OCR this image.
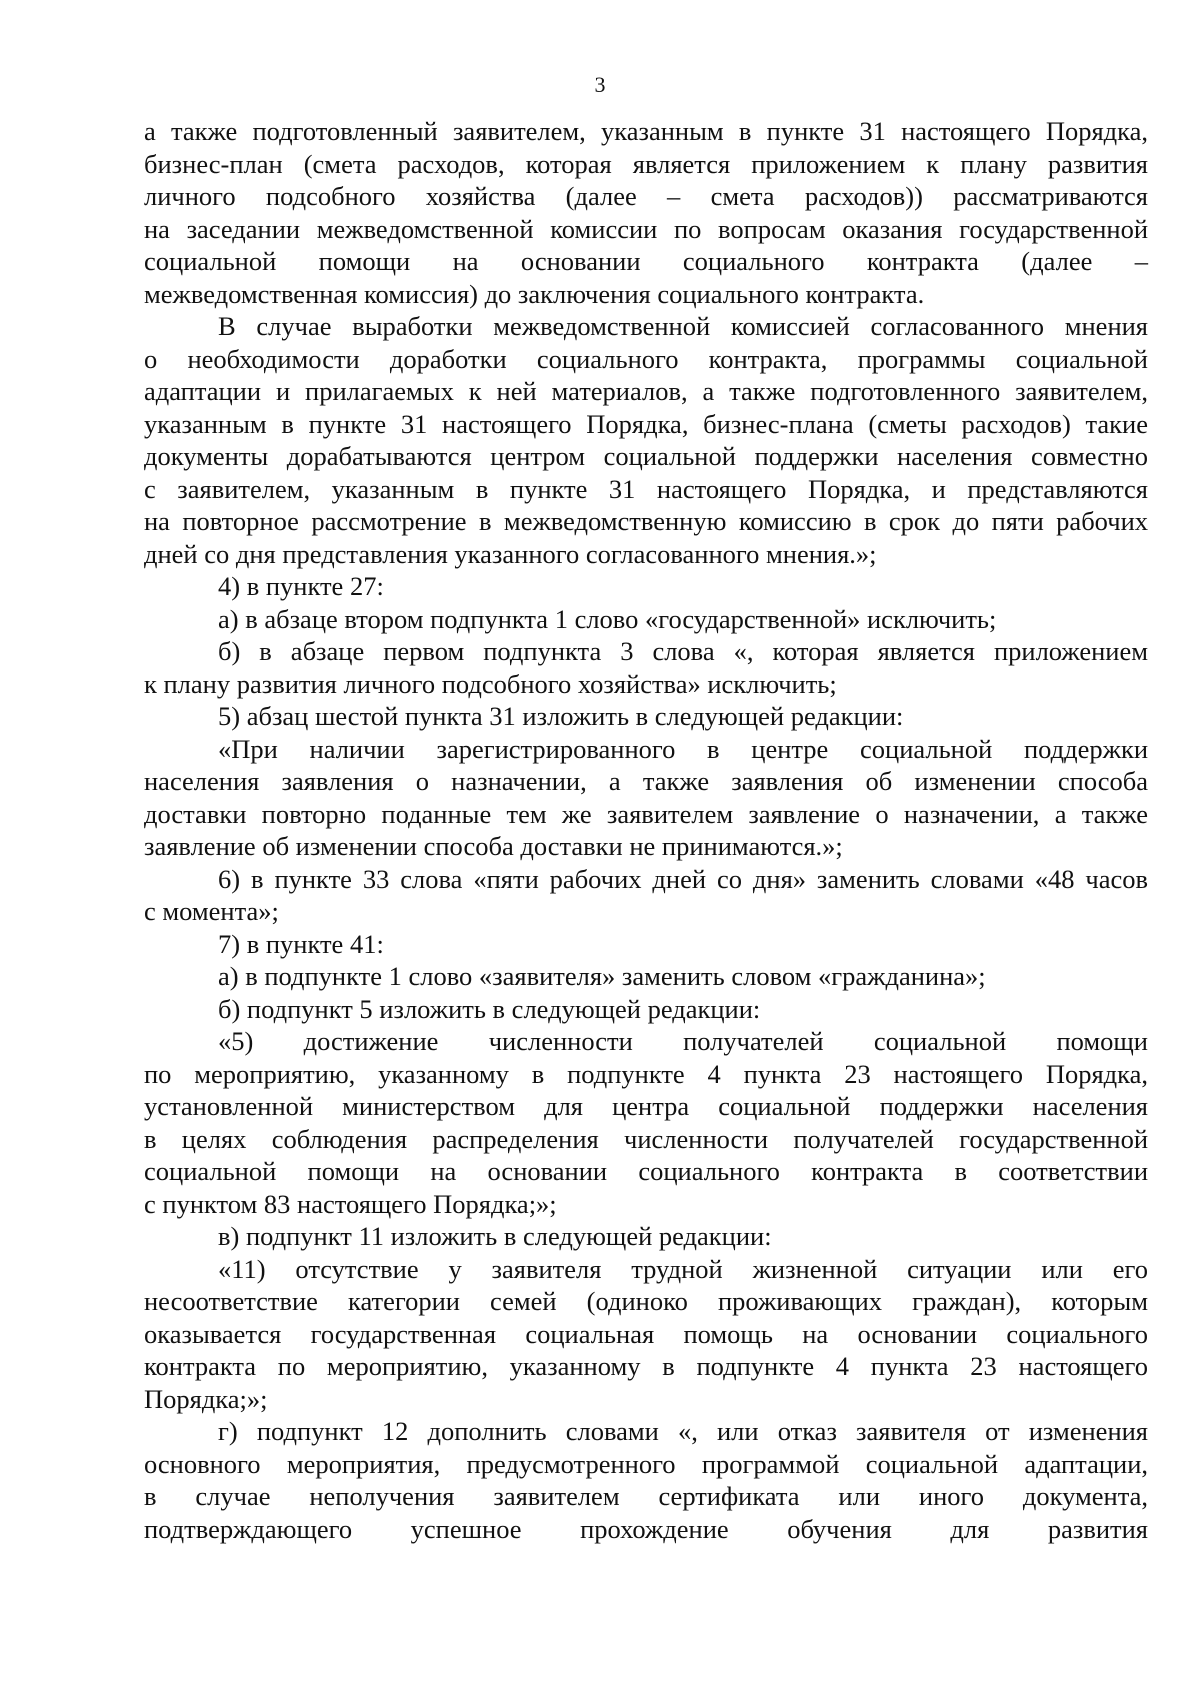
3
а также подготовленный заявителем, указанным в пункте 31 настоящего Порядка,
бизнес-план (смета расходов, которая является приложением к плану развития
личного подсобного хозяйства (далее – смета расходов)) рассматриваются
на заседании межведомственной комиссии по вопросам оказания государственной
социальной помощи на основании социального контракта (далее –
межведомственная комиссия) до заключения социального контракта.
В случае выработки межведомственной комиссией согласованного мнения
о необходимости доработки социального контракта, программы социальной
адаптации и прилагаемых к ней материалов, а также подготовленного заявителем,
указанным в пункте 31 настоящего Порядка, бизнес-плана (сметы расходов) такие
документы дорабатываются центром социальной поддержки населения совместно
с заявителем, указанным в пункте 31 настоящего Порядка, и представляются
на повторное рассмотрение в межведомственную комиссию в срок до пяти рабочих
дней со дня представления указанного согласованного мнения.»;
4) в пункте 27:
а) в абзаце втором подпункта 1 слово «государственной» исключить;
б) в абзаце первом подпункта 3 слова «, которая является приложением
к плану развития личного подсобного хозяйства» исключить;
5) абзац шестой пункта 31 изложить в следующей редакции:
«При наличии зарегистрированного в центре социальной поддержки
населения заявления о назначении, а также заявления об изменении способа
доставки повторно поданные тем же заявителем заявление о назначении, а также
заявление об изменении способа доставки не принимаются.»;
6) в пункте 33 слова «пяти рабочих дней со дня» заменить словами «48 часов
с момента»;
7) в пункте 41:
а) в подпункте 1 слово «заявителя» заменить словом «гражданина»;
б) подпункт 5 изложить в следующей редакции:
«5) достижение численности получателей социальной помощи
по мероприятию, указанному в подпункте 4 пункта 23 настоящего Порядка,
установленной министерством для центра социальной поддержки населения
в целях соблюдения распределения численности получателей государственной
социальной помощи на основании социального контракта в соответствии
с пунктом 83 настоящего Порядка;»;
в) подпункт 11 изложить в следующей редакции:
«11) отсутствие у заявителя трудной жизненной ситуации или его
несоответствие категории семей (одиноко проживающих граждан), которым
оказывается государственная социальная помощь на основании социального
контракта по мероприятию, указанному в подпункте 4 пункта 23 настоящего
Порядка;»;
г) подпункт 12 дополнить словами «, или отказ заявителя от изменения
основного мероприятия, предусмотренного программой социальной адаптации,
в случае неполучения заявителем сертификата или иного документа,
подтверждающего успешное прохождение обучения для развития
